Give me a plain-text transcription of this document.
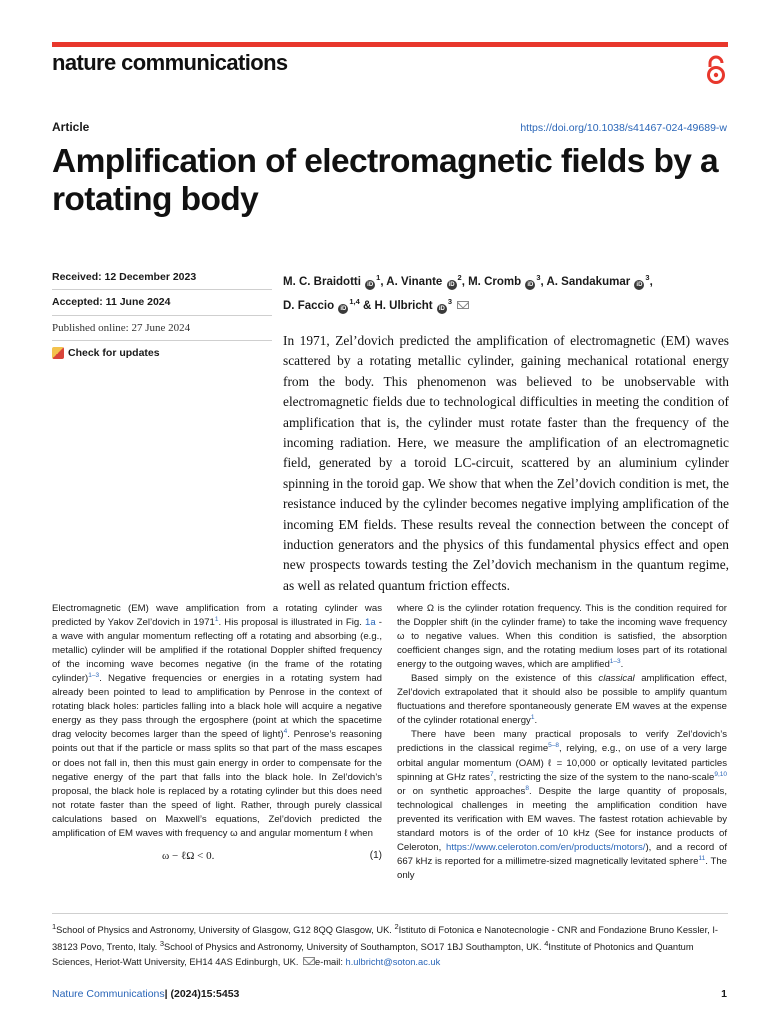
nature communications
Article	https://doi.org/10.1038/s41467-024-49689-w
Amplification of electromagnetic fields by a rotating body
Received: 12 December 2023
Accepted: 11 June 2024
Published online: 27 June 2024
Check for updates
M. C. Braidotti $iD^1$, A. Vinante $iD^2$, M. Cromb $iD^3$, A. Sandakumar $iD^3$,
D. Faccio iD$^{1,4}$ & H. Ulbricht $iD^3$

In 1971, Zel’dovich predicted the amplification of electromagnetic (EM) waves scattered by a rotating metallic cylinder, gaining mechanical rotational energy from the body. This phenomenon was believed to be unobservable with electromagnetic fields due to technological difficulties in meeting the condition of amplification that is, the cylinder must rotate faster than the frequency of the incoming radiation. Here, we measure the amplification of an electromagnetic field, generated by a toroid LC-circuit, scattered by an aluminium cylinder spinning in the toroid gap. We show that when the Zel’dovich condition is met, the resistance induced by the cylinder becomes negative implying amplification of the incoming EM fields. These results reveal the connection between the concept of induction generators and the physics of this fundamental physics effect and open new prospects towards testing the Zel’dovich mechanism in the quantum regime, as well as related quantum friction effects.

Electromagnetic (EM) wave amplification from a rotating cylinder was predicted by Yakov Zel’dovich in 1971$^1$. His proposal is illustrated in Fig. 1a - a wave with angular momentum reflecting off a rotating and absorbing (e.g., metallic) cylinder will be amplified if the rotational Doppler shifted frequency of the incoming wave becomes negative (in the frame of the rotating cylinder)$^{1-3}$. Negative frequencies or energies in a rotating system had already been pointed to lead to amplification by Penrose in the context of rotating black holes: particles falling into a black hole will acquire a negative energy as they pass through the ergosphere (point at which the spacetime drag velocity becomes larger than the speed of light)$^4$. Penrose’s reasoning points out that if the particle or mass splits so that part of the mass escapes or does not fall in, then this must gain energy in order to compensate for the negative energy of the part that falls into the black hole. In Zel’dovich’s proposal, the black hole is replaced by a rotating cylinder but this does need not rotate faster than the speed of light. Rather, through purely classical calculations based on Maxwell’s equations, Zel’dovich predicted the amplification of EM waves with frequency ω and angular momentum ℓ when

ω − ℓΩ < 0.	(1)

where Ω is the cylinder rotation frequency. This is the condition required for the Doppler shift (in the cylinder frame) to take the incoming wave frequency ω to negative values. When this condition is satisfied, the absorption coefficient changes sign, and the rotating medium loses part of its rotational energy to the outgoing waves, which are amplified$^{1-3}$.

Based simply on the existence of this classical amplification effect, Zel’dovich extrapolated that it should also be possible to amplify quantum fluctuations and therefore spontaneously generate EM waves at the expense of the cylinder rotational energy$^1$.

There have been many practical proposals to verify Zel’dovich’s predictions in the classical regime$^{5-8}$, relying, e.g., on use of a very large orbital angular momentum (OAM) ℓ = 10,000 or optically levitated particles spinning at GHz rates$^7$, restricting the size of the system to the nano-scale$^{9,10}$ or on synthetic approaches$^8$. Despite the large quantity of proposals, technological challenges in meeting the amplification condition have prevented its verification with EM waves. The fastest rotation achievable by standard motors is of the order of 10 kHz (See for instance products of Celeroton, https://www.celeroton.com/en/products/motors/), and a record of 667 kHz is reported for a millimetre-sized magnetically levitated sphere$^{11}$. The only

$^1$School of Physics and Astronomy, University of Glasgow, G12 8QQ Glasgow, UK. $^2$Istituto di Fotonica e Nanotecnologie - CNR and Fondazione Bruno Kessler, I-38123 Povo, Trento, Italy. $^3$School of Physics and Astronomy, University of Southampton, SO17 1BJ Southampton, UK. $^4$Institute of Photonics and Quantum Sciences, Heriot-Watt University, EH14 4AS Edinburgh, UK. e-mail: h.ulbricht@soton.ac.uk
Nature Communications| (2024)15:5453	1
